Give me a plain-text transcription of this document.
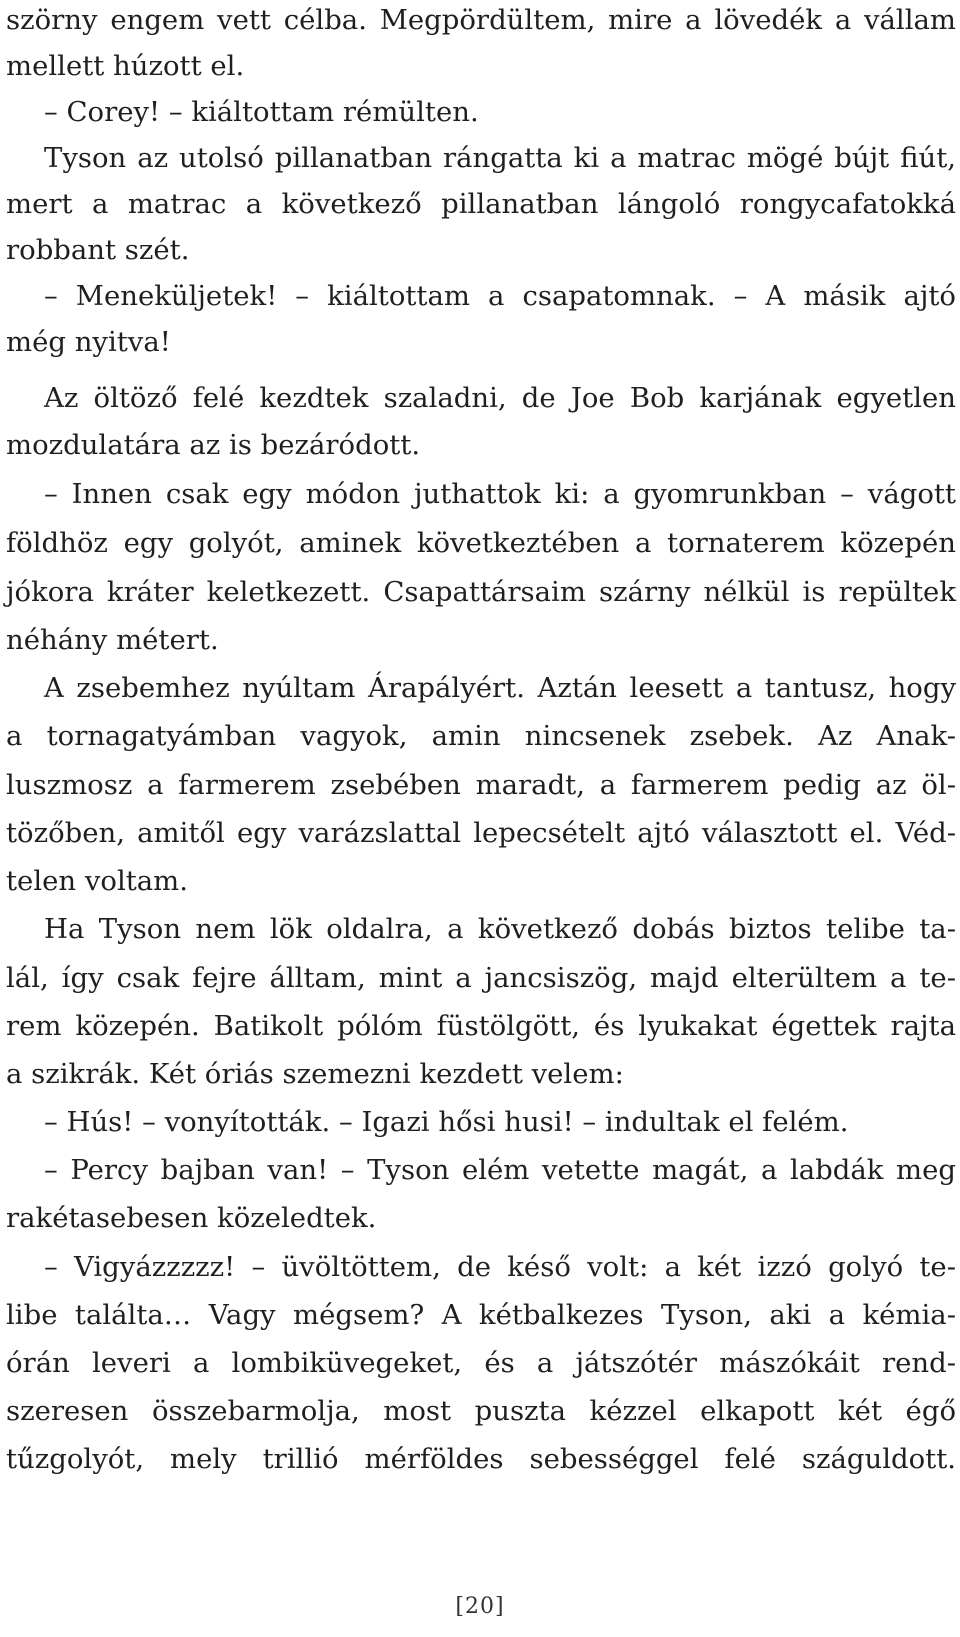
szörny engem vett célba. Megpördültem, mire a lövedék a vállam
mellett húzott el.
– Corey! – kiáltottam rémülten.
Tyson az utolsó pillanatban rángatta ki a matrac mögé bújt fiút,
mert a matrac a következő pillanatban lángoló rongycafatokká
robbant szét.
– Meneküljetek! – kiáltottam a csapatomnak. – A másik ajtó
még nyitva!
Az öltöző felé kezdtek szaladni, de Joe Bob karjának egyetlen
mozdulatára az is bezáródott.
– Innen csak egy módon juthattok ki: a gyomrunkban – vágott
földhöz egy golyót, aminek következtében a tornaterem közepén
jókora kráter keletkezett. Csapattársaim szárny nélkül is repültek
néhány métert.
A zsebemhez nyúltam Árapályért. Aztán leesett a tantusz, hogy
a tornagatyámban vagyok, amin nincsenek zsebek. Az Anak-
luszmosz a farmerem zsebében maradt, a farmerem pedig az öl-
tözőben, amitől egy varázslattal lepecsételt ajtó választott el. Véd-
telen voltam.
Ha Tyson nem lök oldalra, a következő dobás biztos telibe ta-
lál, így csak fejre álltam, mint a jancsiszög, majd elterültem a te-
rem közepén. Batikolt pólóm füstölgött, és lyukakat égettek rajta
a szikrák. Két óriás szemezni kezdett velem:
– Hús! – vonyították. – Igazi hősi husi! – indultak el felém.
– Percy bajban van! – Tyson elém vetette magát, a labdák meg
rakétasebesen közeledtek.
– Vigyázzzzz! – üvöltöttem, de késő volt: a két izzó golyó te-
libe találta… Vagy mégsem? A kétbalkezes Tyson, aki a kémia-
órán leveri a lombiküvegeket, és a játszótér mászókáit rend-
szeresen összebarmolja, most puszta kézzel elkapott két égő
tűzgolyót, mely trillió mérföldes sebességgel felé száguldott.
[20]
